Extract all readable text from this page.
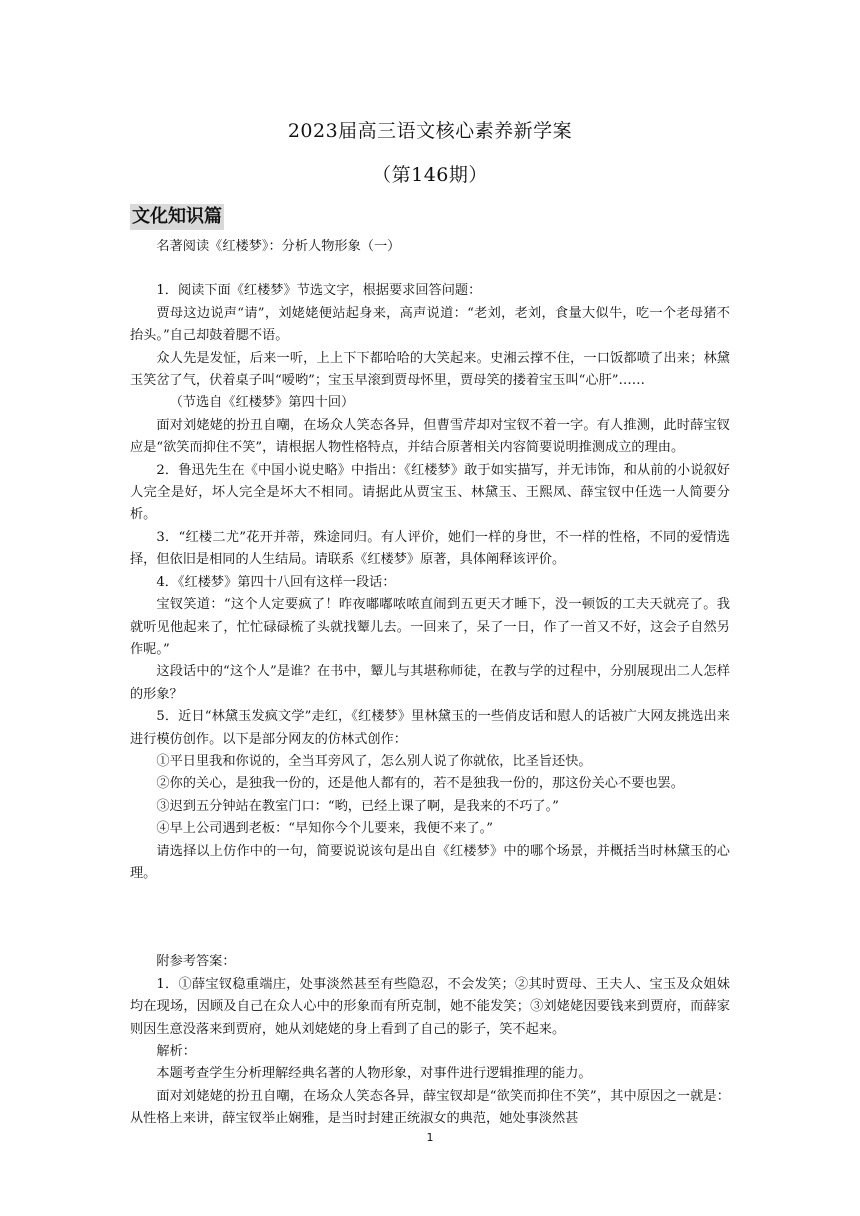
2023届高三语文核心素养新学案
（第146期）
文化知识篇

名著阅读《红楼梦》：分析人物形象（一）

1．阅读下面《红楼梦》节选文字，根据要求回答问题：

贾母这边说声“请”，刘姥姥便站起身来，高声说道：“老刘，老刘，食量大似牛，吃一个老母猪不抬头。”自己却鼓着腮不语。

众人先是发怔，后来一听，上上下下都哈哈的大笑起来。史湘云撑不住，一口饭都喷了出来；林黛玉笑岔了气，伏着桌子叫“嗳哟”；宝玉早滚到贾母怀里，贾母笑的搂着宝玉叫“心肝”……

（节选自《红楼梦》第四十回）

面对刘姥姥的扮丑自嘲，在场众人笑态各异，但曹雪芹却对宝钗不着一字。有人推测，此时薛宝钗应是“欲笑而抑住不笑”，请根据人物性格特点，并结合原著相关内容简要说明推测成立的理由。

2．鲁迅先生在《中国小说史略》中指出：《红楼梦》敢于如实描写，并无讳饰，和从前的小说叙好人完全是好，坏人完全是坏大不相同。请据此从贾宝玉、林黛玉、王熙凤、薛宝钗中任选一人简要分析。

3．“红楼二尤”花开并蒂，殊途同归。有人评价，她们一样的身世，不一样的性格，不同的爱情选择，但依旧是相同的人生结局。请联系《红楼梦》原著，具体阐释该评价。

4．《红楼梦》第四十八回有这样一段话：

宝钗笑道：“这个人定要疯了！昨夜嘟嘟哝哝直闹到五更天才睡下，没一顿饭的工夫天就亮了。我就听见他起来了，忙忙碌碌梳了头就找颦儿去。一回来了，呆了一日，作了一首又不好，这会子自然另作呢。”

这段话中的“这个人”是谁？在书中，颦儿与其堪称师徒，在教与学的过程中，分别展现出二人怎样的形象？

5．近日“林黛玉发疯文学”走红，《红楼梦》里林黛玉的一些俏皮话和慰人的话被广大网友挑选出来进行模仿创作。以下是部分网友的仿林式创作：

①平日里我和你说的，全当耳旁风了，怎么别人说了你就依，比圣旨还快。

②你的关心，是独我一份的，还是他人都有的，若不是独我一份的，那这份关心不要也罢。

③迟到五分钟站在教室门口：“哟，已经上课了啊，是我来的不巧了。”

④早上公司遇到老板：“早知你今个儿要来，我便不来了。”

请选择以上仿作中的一句，简要说说该句是出自《红楼梦》中的哪个场景，并概括当时林黛玉的心理。

附参考答案：

1．①薛宝钗稳重端庄，处事淡然甚至有些隐忍，不会发笑；②其时贾母、王夫人、宝玉及众姐妹均在现场，因顾及自己在众人心中的形象而有所克制，她不能发笑；③刘姥姥因要钱来到贾府，而薛家则因生意没落来到贾府，她从刘姥姥的身上看到了自己的影子，笑不起来。

解析：

本题考查学生分析理解经典名著的人物形象，对事件进行逻辑推理的能力。

面对刘姥姥的扮丑自嘲，在场众人笑态各异，薛宝钗却是“欲笑而抑住不笑”，其中原因之一就是：从性格上来讲，薛宝钗举止娴雅，是当时封建正统淑女的典范，她处事淡然甚

1
